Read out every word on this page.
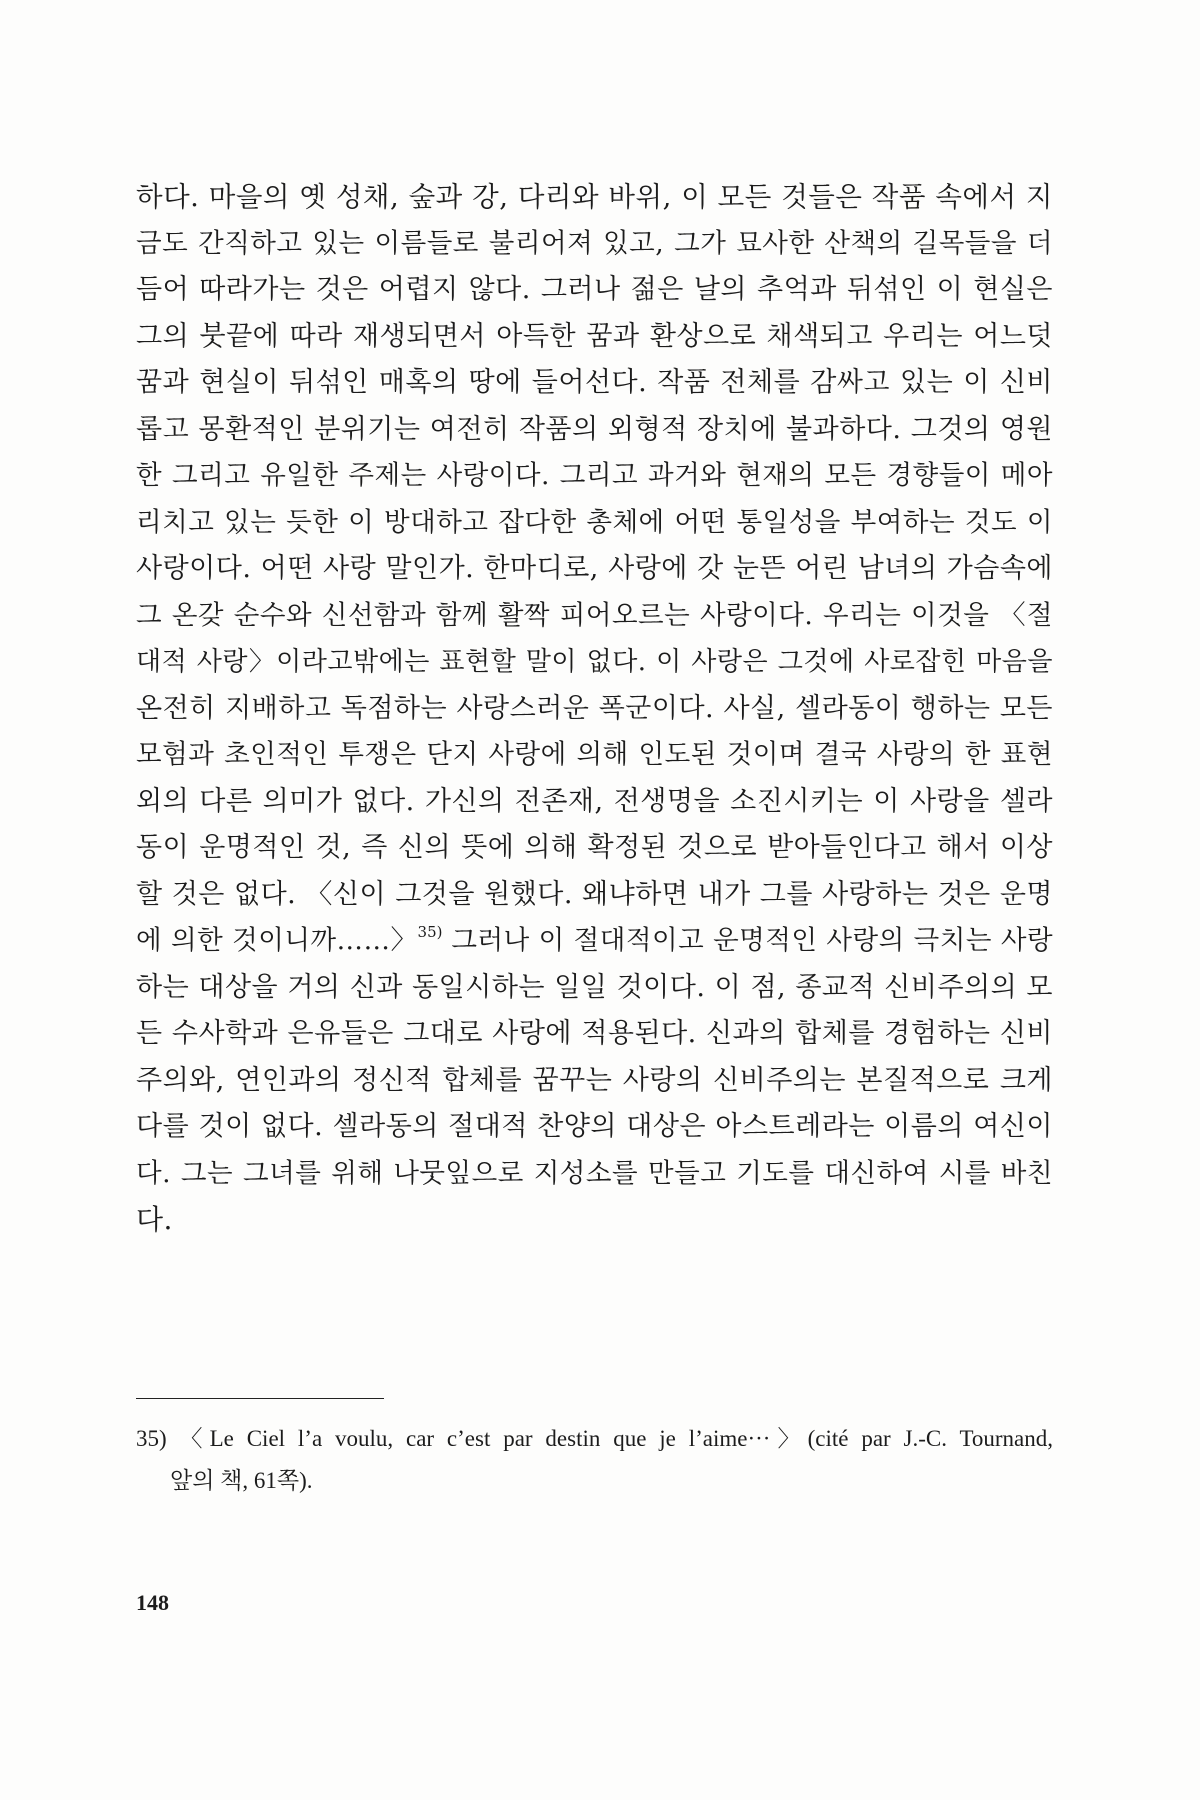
하다. 마을의 옛 성채, 숲과 강, 다리와 바위, 이 모든 것들은 작품 속에서 지
금도 간직하고 있는 이름들로 불리어져 있고, 그가 묘사한 산책의 길목들을 더
듬어 따라가는 것은 어렵지 않다. 그러나 젊은 날의 추억과 뒤섞인 이 현실은
그의 붓끝에 따라 재생되면서 아득한 꿈과 환상으로 채색되고 우리는 어느덧
꿈과 현실이 뒤섞인 매혹의 땅에 들어선다. 작품 전체를 감싸고 있는 이 신비
롭고 몽환적인 분위기는 여전히 작품의 외형적 장치에 불과하다. 그것의 영원
한 그리고 유일한 주제는 사랑이다. 그리고 과거와 현재의 모든 경향들이 메아
리치고 있는 듯한 이 방대하고 잡다한 총체에 어떤 통일성을 부여하는 것도 이
사랑이다. 어떤 사랑 말인가. 한마디로, 사랑에 갓 눈뜬 어린 남녀의 가슴속에
그 온갖 순수와 신선함과 함께 활짝 피어오르는 사랑이다. 우리는 이것을 〈절
대적 사랑〉이라고밖에는 표현할 말이 없다. 이 사랑은 그것에 사로잡힌 마음을
온전히 지배하고 독점하는 사랑스러운 폭군이다. 사실, 셀라동이 행하는 모든
모험과 초인적인 투쟁은 단지 사랑에 의해 인도된 것이며 결국 사랑의 한 표현
외의 다른 의미가 없다. 가신의 전존재, 전생명을 소진시키는 이 사랑을 셀라
동이 운명적인 것, 즉 신의 뜻에 의해 확정된 것으로 받아들인다고 해서 이상
할 것은 없다. 〈신이 그것을 원했다. 왜냐하면 내가 그를 사랑하는 것은 운명
에 의한 것이니까……〉$^{35)}$ 그러나 이 절대적이고 운명적인 사랑의 극치는 사랑
하는 대상을 거의 신과 동일시하는 일일 것이다. 이 점, 종교적 신비주의의 모
든 수사학과 은유들은 그대로 사랑에 적용된다. 신과의 합체를 경험하는 신비
주의와, 연인과의 정신적 합체를 꿈꾸는 사랑의 신비주의는 본질적으로 크게
다를 것이 없다. 셀라동의 절대적 찬양의 대상은 아스트레라는 이름의 여신이
다. 그는 그녀를 위해 나뭇잎으로 지성소를 만들고 기도를 대신하여 시를 바친
다.
35) 〈Le Ciel l’a voulu, car c’est par destin que je l’aime···〉(cité par J.-C. Tournand,
앞의 책, 61쪽).
148
